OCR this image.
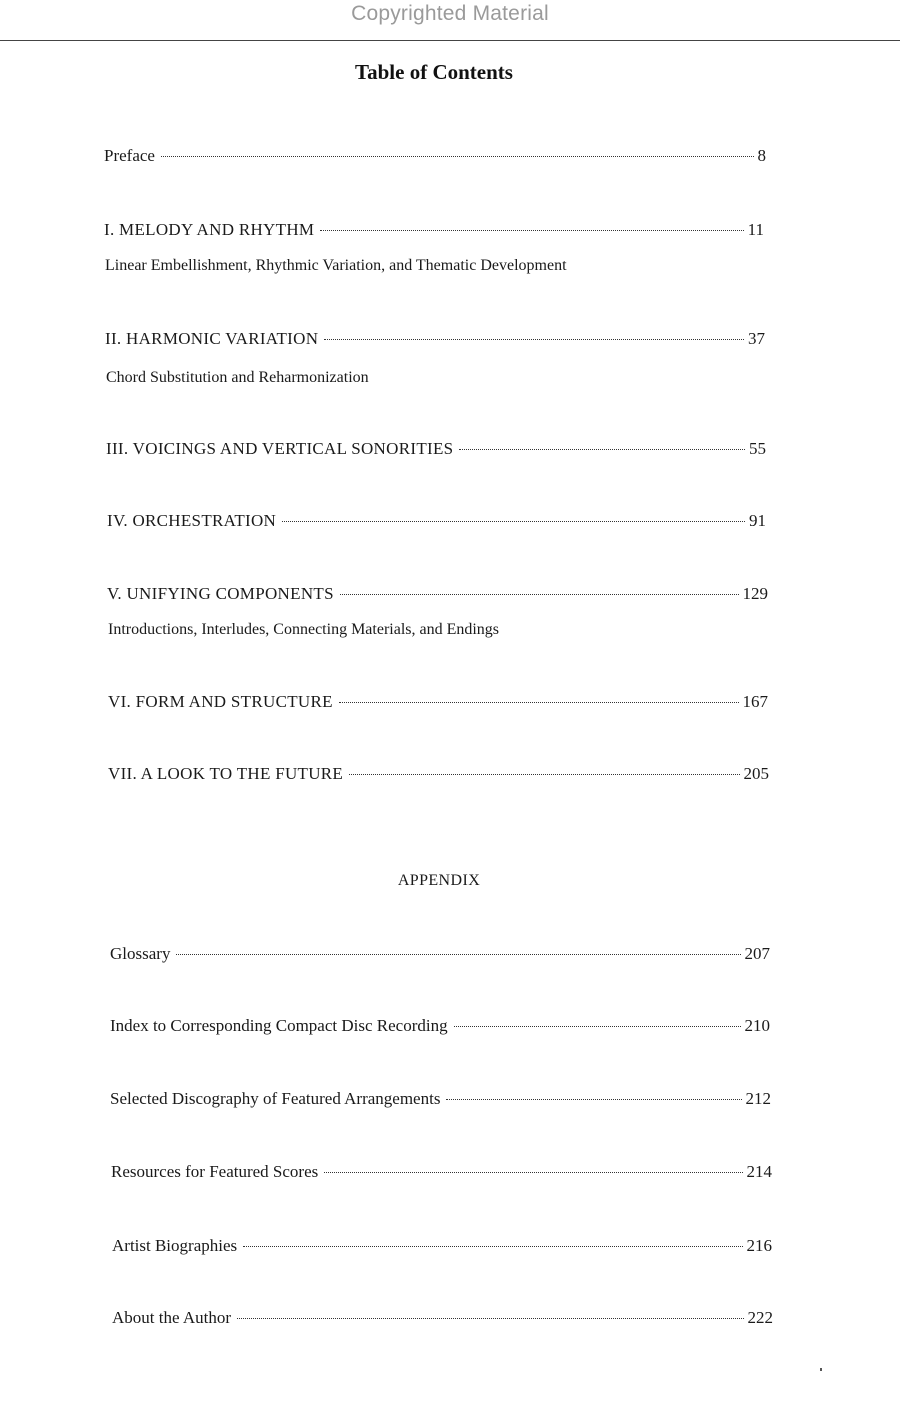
Copyrighted Material
Table of Contents
Preface	8
I. MELODY AND RHYTHM	11
Linear Embellishment, Rhythmic Variation, and Thematic Development
II. HARMONIC VARIATION	37
Chord Substitution and Reharmonization
III. VOICINGS AND VERTICAL SONORITIES	55
IV. ORCHESTRATION	91
V. UNIFYING COMPONENTS	129
Introductions, Interludes, Connecting Materials, and Endings
VI. FORM AND STRUCTURE	167
VII. A LOOK TO THE FUTURE	205
APPENDIX
Glossary	207
Index to Corresponding Compact Disc Recording	210
Selected Discography of Featured Arrangements	212
Resources for Featured Scores	214
Artist Biographies	216
About the Author	222
